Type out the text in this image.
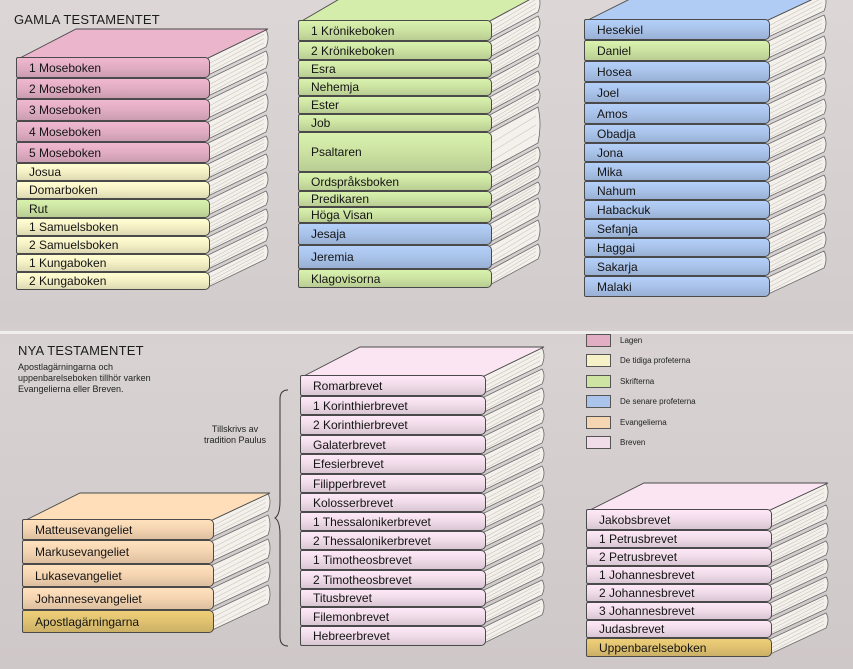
GAMLA TESTAMENTET
NYA TESTAMENTET
Apostlagärningarna och uppenbarelseboken tillhör varken Evangelierna eller Breven.
1 Moseboken
2 Moseboken
3 Moseboken
4 Moseboken
5 Moseboken
Josua
Domarboken
Rut
1 Samuelsboken
2 Samuelsboken
1 Kungaboken
2 Kungaboken
1 Krönikeboken
2 Krönikeboken
Esra
Nehemja
Ester
Job
Psaltaren
Ordspråksboken
Predikaren
Höga Visan
Jesaja
Jeremia
Klagovisorna
Hesekiel
Daniel
Hosea
Joel
Amos
Obadja
Jona
Mika
Nahum
Habackuk
Sefanja
Haggai
Sakarja
Malaki
Matteusevangeliet
Markusevangeliet
Lukasevangeliet
Johannesevangeliet
Apostlagärningarna
Romarbrevet
1 Korinthierbrevet
2 Korinthierbrevet
Galaterbrevet
Efesierbrevet
Filipperbrevet
Kolosserbrevet
1 Thessalonikerbrevet
2 Thessalonikerbrevet
1 Timotheosbrevet
2 Timotheosbrevet
Titusbrevet
Filemonbrevet
Hebreerbrevet
Jakobsbrevet
1 Petrusbrevet
2 Petrusbrevet
1 Johannesbrevet
2 Johannesbrevet
3 Johannesbrevet
Judasbrevet
Uppenbarelseboken
Tillskrivs av tradition Paulus
Lagen
De tidiga profeterna
Skrifterna
De senare profeterna
Evangelierna
Breven
